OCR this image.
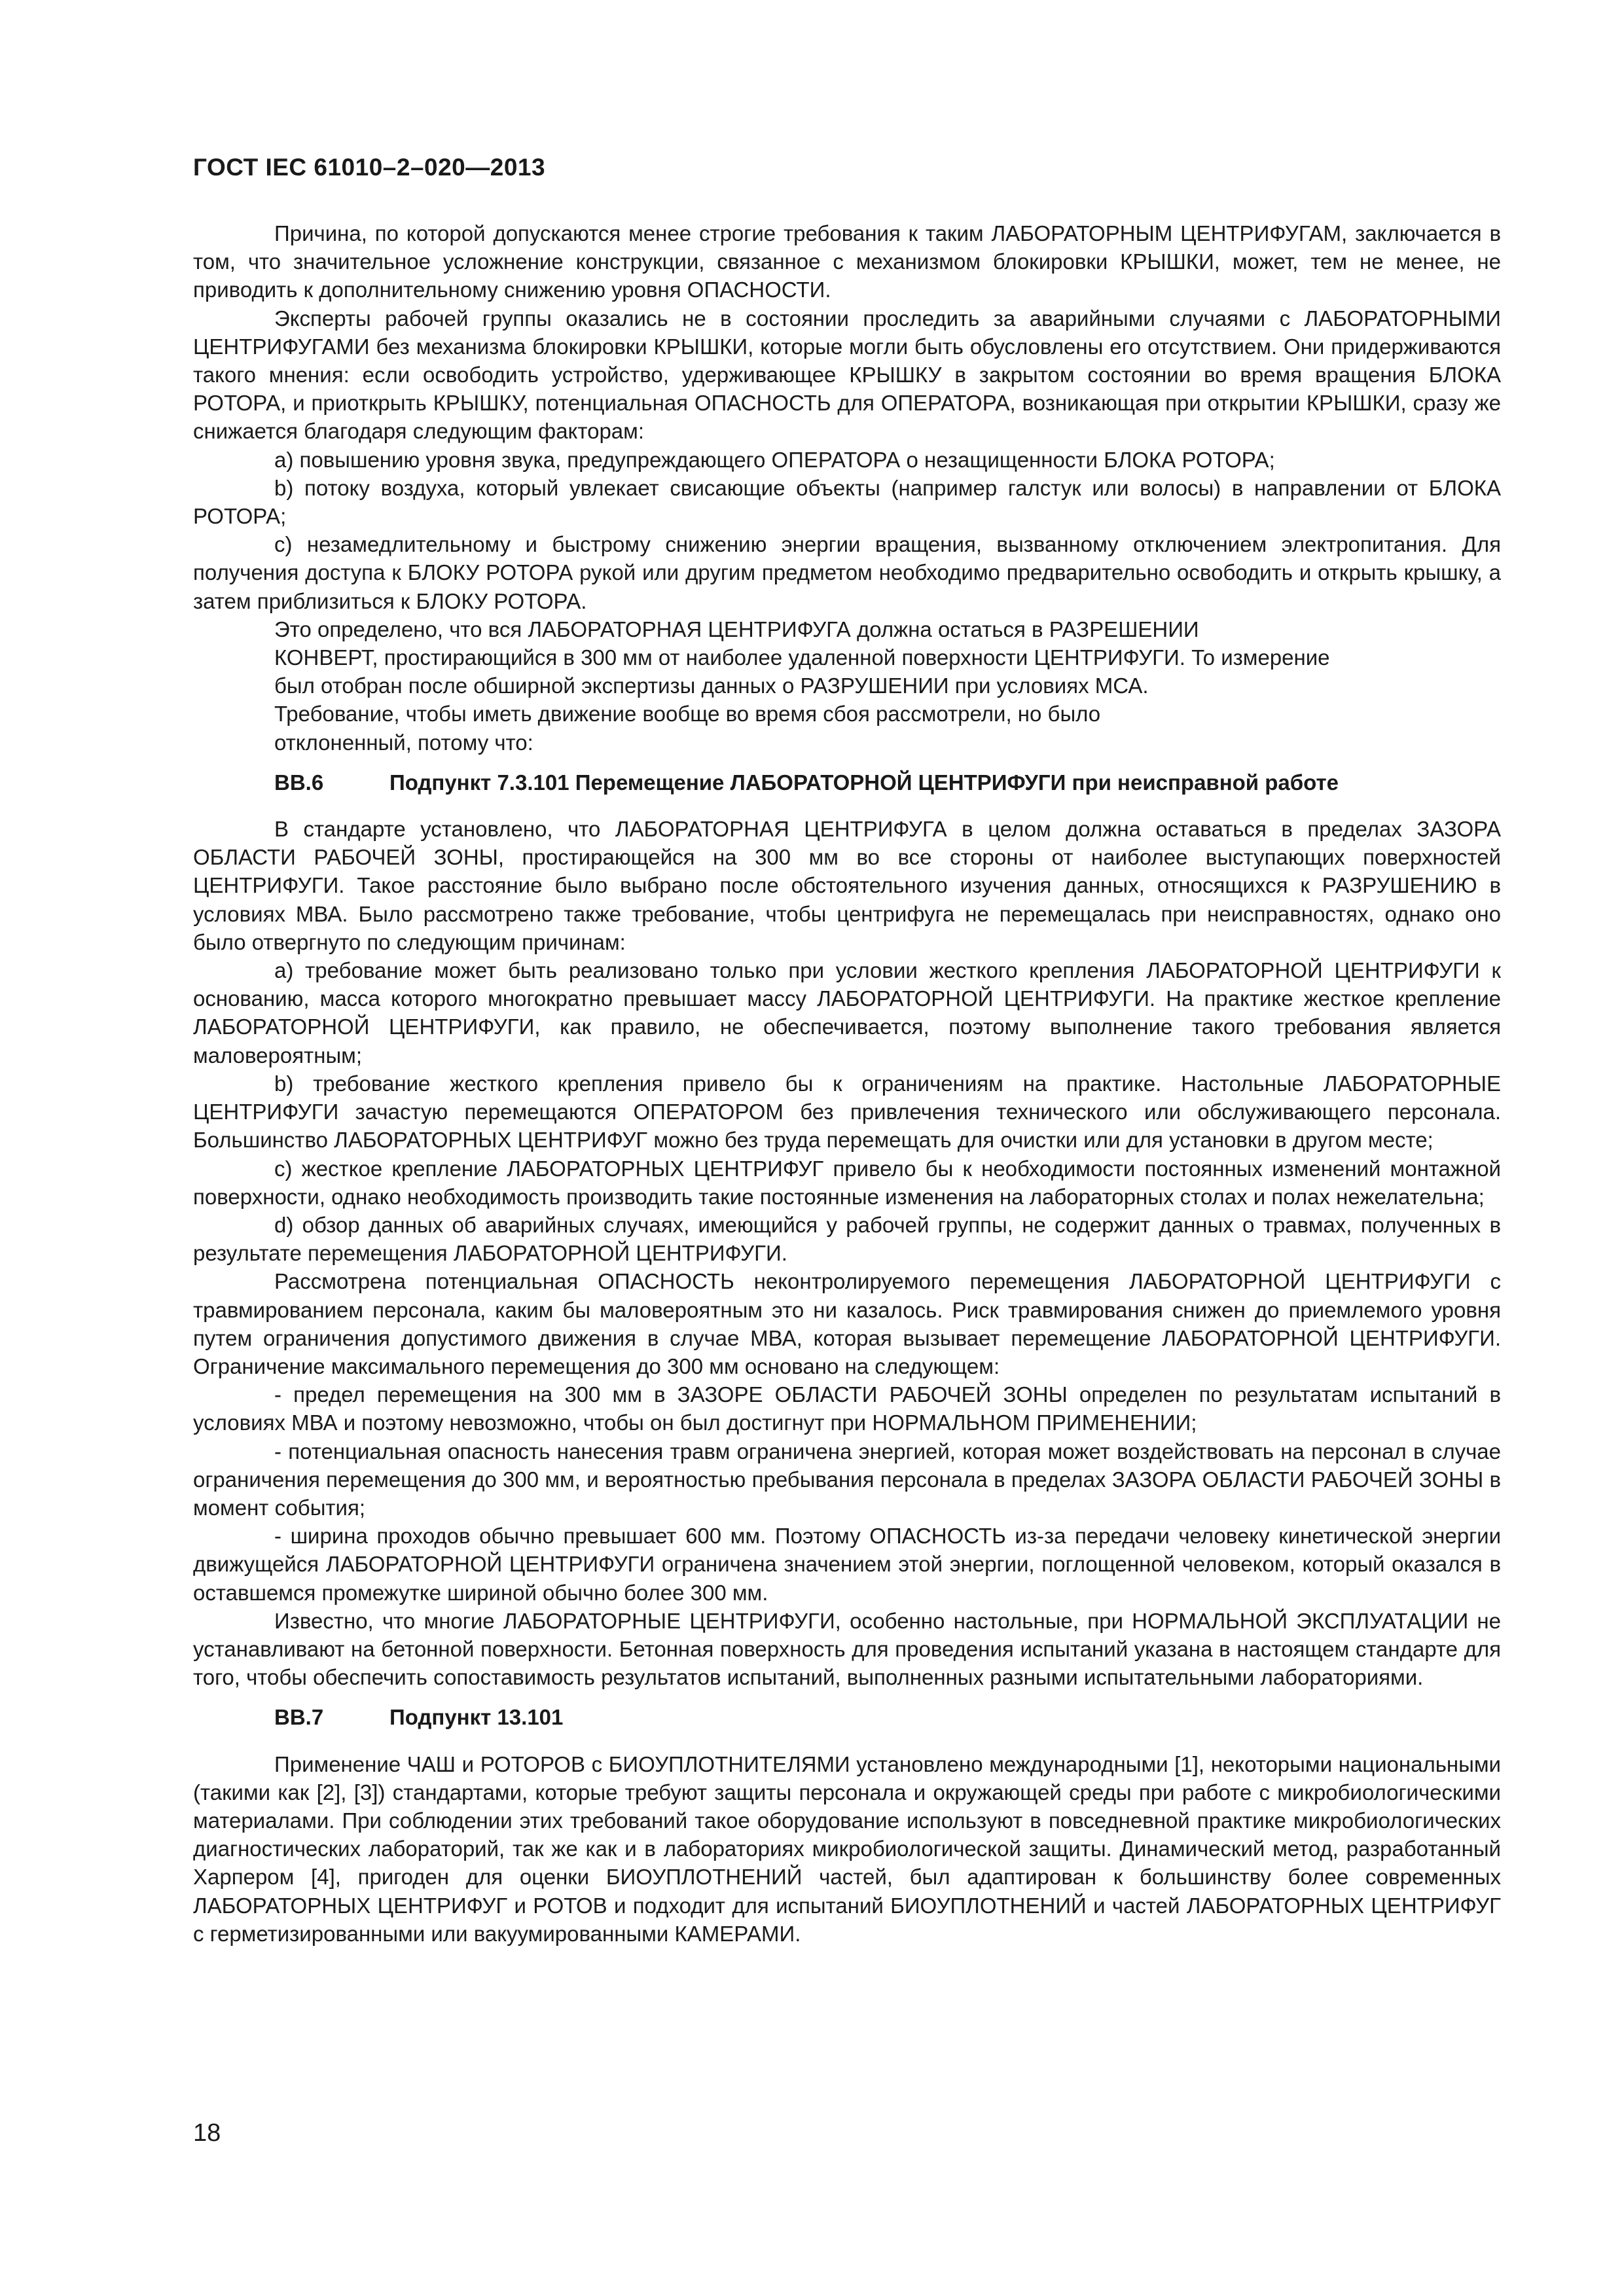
ГОСТ IEC 61010–2–020—2013

Причина, по которой допускаются менее строгие требования к таким ЛАБОРАТОРНЫМ ЦЕНТРИФУГАМ, заключается в том, что значительное усложнение конструкции, связанное с механизмом блокировки КРЫШКИ, может, тем не менее, не приводить к дополнительному снижению уровня ОПАСНОСТИ.

Эксперты рабочей группы оказались не в состоянии проследить за аварийными случаями с ЛАБОРАТОРНЫМИ ЦЕНТРИФУГАМИ без механизма блокировки КРЫШКИ, которые могли быть обусловлены его отсутствием. Они придерживаются такого мнения: если освободить устройство, удерживающее КРЫШКУ в закрытом состоянии во время вращения БЛОКА РОТОРА, и приоткрыть КРЫШКУ, потенциальная ОПАСНОСТЬ для ОПЕРАТОРА, возникающая при открытии КРЫШКИ, сразу же снижается благодаря следующим факторам:

а) повышению уровня звука, предупреждающего ОПЕРАТОРА о незащищенности БЛОКА РОТОРА;

b) потоку воздуха, который увлекает свисающие объекты (например галстук или волосы) в направлении от БЛОКА РОТОРА;

с) незамедлительному и быстрому снижению энергии вращения, вызванному отключением электропитания. Для получения доступа к БЛОКУ РОТОРА рукой или другим предметом необходимо предварительно освободить и открыть крышку, а затем приблизиться к БЛОКУ РОТОРА.

Это определено, что вся ЛАБОРАТОРНАЯ ЦЕНТРИФУГА должна остаться в РАЗРЕШЕНИИ

КОНВЕРТ, простирающийся в 300 мм от наиболее удаленной поверхности ЦЕНТРИФУГИ. То измерение

был отобран после обширной экспертизы данных о РАЗРУШЕНИИ при условиях МСА.

Требование, чтобы иметь движение вообще во время сбоя рассмотрели, но было

отклоненный, потому что:

ВВ.6	Подпункт 7.3.101 Перемещение ЛАБОРАТОРНОЙ ЦЕНТРИФУГИ при неисправной работе

В стандарте установлено, что ЛАБОРАТОРНАЯ ЦЕНТРИФУГА в целом должна оставаться в пределах ЗАЗОРА ОБЛАСТИ РАБОЧЕЙ ЗОНЫ, простирающейся на 300 мм во все стороны от наиболее выступающих поверхностей ЦЕНТРИФУГИ. Такое расстояние было выбрано после обстоятельного изучения данных, относящихся к РАЗРУШЕНИЮ в условиях МВА. Было рассмотрено также требование, чтобы центрифуга не перемещалась при неисправностях, однако оно было отвергнуто по следующим причинам:

а) требование может быть реализовано только при условии жесткого крепления ЛАБОРАТОРНОЙ ЦЕНТРИФУГИ к основанию, масса которого многократно превышает массу ЛАБОРАТОРНОЙ ЦЕНТРИФУГИ. На практике жесткое крепление ЛАБОРАТОРНОЙ ЦЕНТРИФУГИ, как правило, не обеспечивается, поэтому выполнение такого требования является маловероятным;

b) требование жесткого крепления привело бы к ограничениям на практике. Настольные ЛАБОРАТОРНЫЕ ЦЕНТРИФУГИ зачастую перемещаются ОПЕРАТОРОМ без привлечения технического или обслуживающего персонала. Большинство ЛАБОРАТОРНЫХ ЦЕНТРИФУГ можно без труда перемещать для очистки или для установки в другом месте;

с) жесткое крепление ЛАБОРАТОРНЫХ ЦЕНТРИФУГ привело бы к необходимости постоянных изменений монтажной поверхности, однако необходимость производить такие постоянные изменения на лабораторных столах и полах нежелательна;

d) обзор данных об аварийных случаях, имеющийся у рабочей группы, не содержит данных о травмах, полученных в результате перемещения ЛАБОРАТОРНОЙ ЦЕНТРИФУГИ.

Рассмотрена потенциальная ОПАСНОСТЬ неконтролируемого перемещения ЛАБОРАТОРНОЙ ЦЕНТРИФУГИ с травмированием персонала, каким бы маловероятным это ни казалось. Риск травмирования снижен до приемлемого уровня путем ограничения допустимого движения в случае МВА, которая вызывает перемещение ЛАБОРАТОРНОЙ ЦЕНТРИФУГИ. Ограничение максимального перемещения до 300 мм основано на следующем:

- предел перемещения на 300 мм в ЗАЗОРЕ ОБЛАСТИ РАБОЧЕЙ ЗОНЫ определен по результатам испытаний в условиях МВА и поэтому невозможно, чтобы он был достигнут при НОРМАЛЬНОМ ПРИМЕНЕНИИ;

- потенциальная опасность нанесения травм ограничена энергией, которая может воздействовать на персонал в случае ограничения перемещения до 300 мм, и вероятностью пребывания персонала в пределах ЗАЗОРА ОБЛАСТИ РАБОЧЕЙ ЗОНЫ в момент события;

- ширина проходов обычно превышает 600 мм. Поэтому ОПАСНОСТЬ из-за передачи человеку кинетической энергии движущейся ЛАБОРАТОРНОЙ ЦЕНТРИФУГИ ограничена значением этой энергии, поглощенной человеком, который оказался в оставшемся промежутке шириной обычно более 300 мм.

Известно, что многие ЛАБОРАТОРНЫЕ ЦЕНТРИФУГИ, особенно настольные, при НОРМАЛЬНОЙ ЭКСПЛУАТАЦИИ не устанавливают на бетонной поверхности. Бетонная поверхность для проведения испытаний указана в настоящем стандарте для того, чтобы обеспечить сопоставимость результатов испытаний, выполненных разными испытательными лабораториями.

ВВ.7	Подпункт 13.101

Применение ЧАШ и РОТОРОВ с БИОУПЛОТНИТЕЛЯМИ установлено международными [1], некоторыми национальными (такими как [2], [3]) стандартами, которые требуют защиты персонала и окружающей среды при работе с микробиологическими материалами. При соблюдении этих требований такое оборудование используют в повседневной практике микробиологических диагностических лабораторий, так же как и в лабораториях микробиологической защиты. Динамический метод, разработанный Харпером [4], пригоден для оценки БИОУПЛОТНЕНИЙ частей, был адаптирован к большинству более современных ЛАБОРАТОРНЫХ ЦЕНТРИФУГ и РОТОВ и подходит для испытаний БИОУПЛОТНЕНИЙ и частей ЛАБОРАТОРНЫХ ЦЕНТРИФУГ с герметизированными или вакуумированными КАМЕРАМИ.

18
